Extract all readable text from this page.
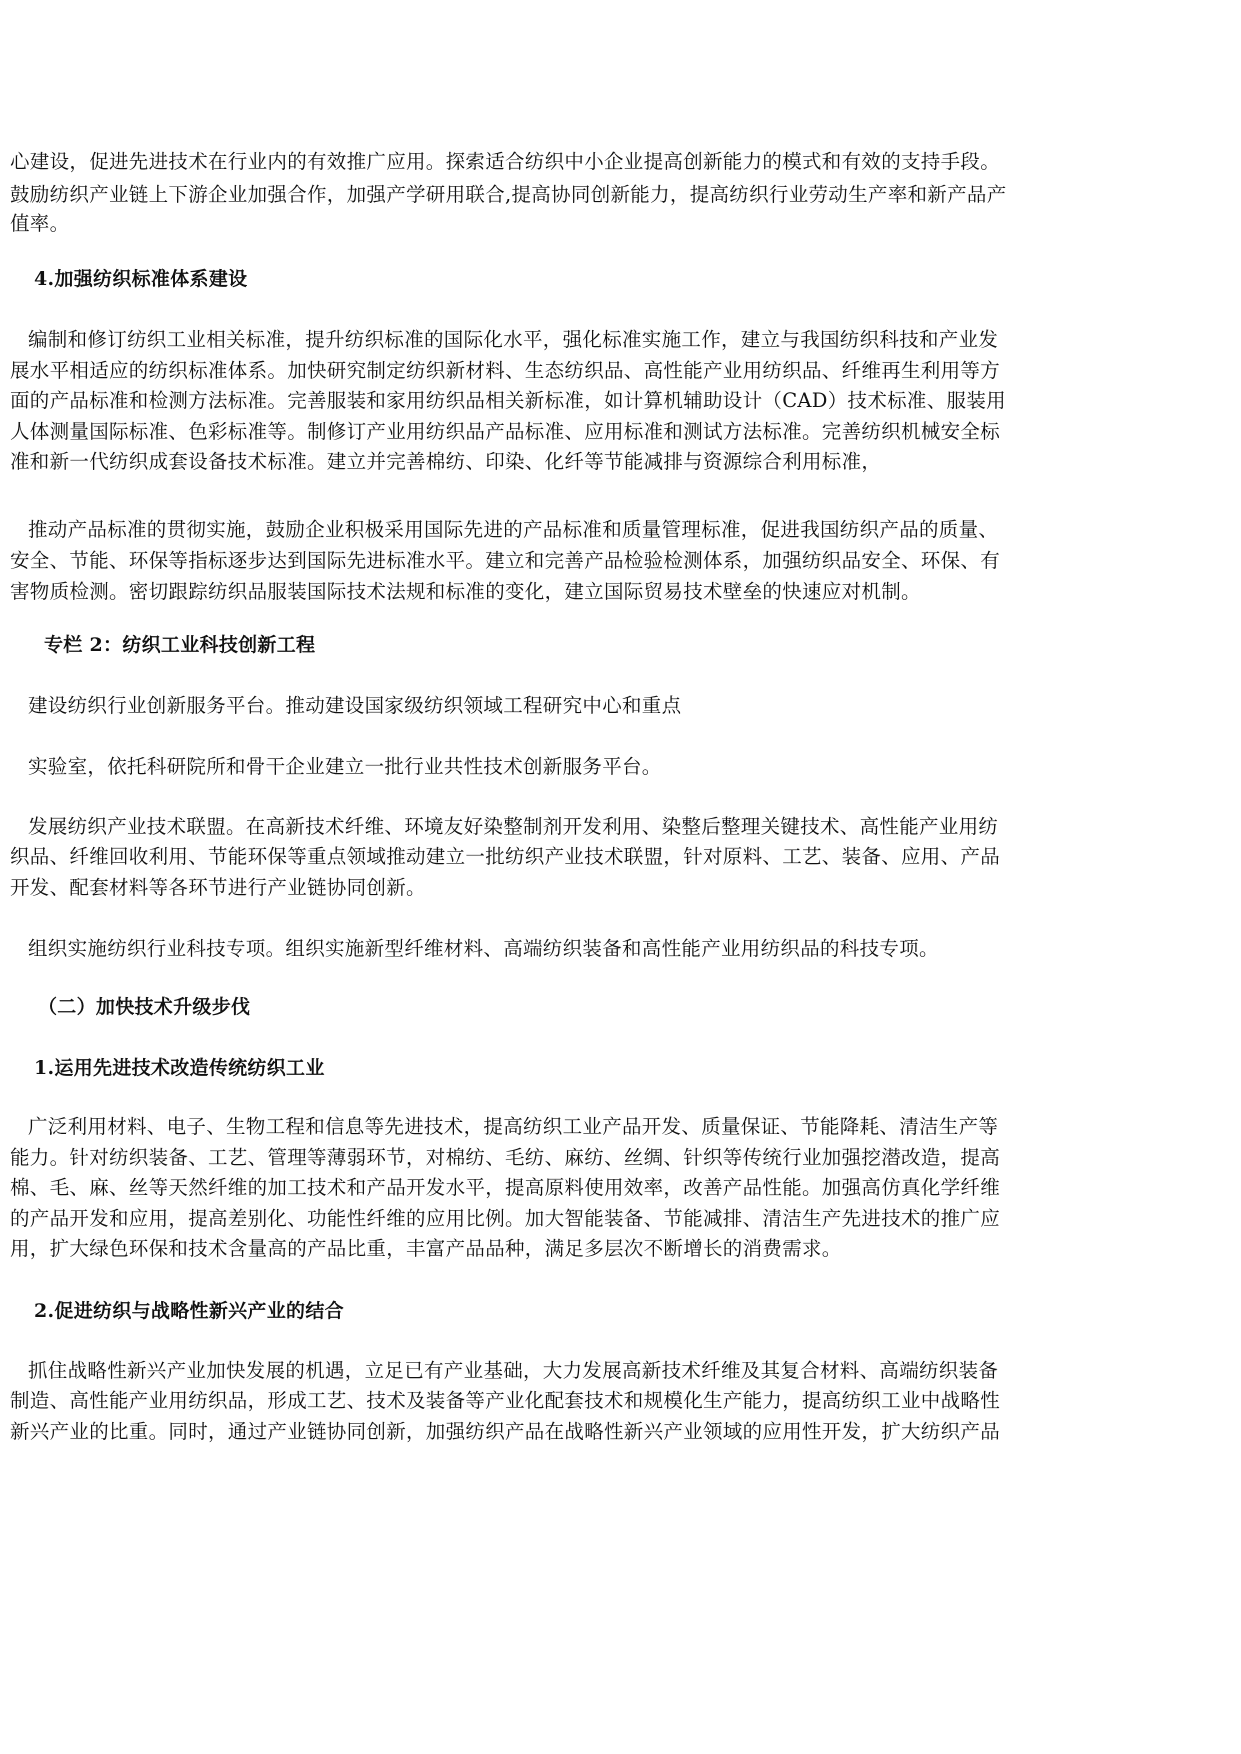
心建设，促进先进技术在行业内的有效推广应用。探索适合纺织中小企业提高创新能力的模式和有效的支持手段。
鼓励纺织产业链上下游企业加强合作，加强产学研用联合,提高协同创新能力，提高纺织行业劳动生产率和新产品产
值率。
4.加强纺织标准体系建设
编制和修订纺织工业相关标准，提升纺织标准的国际化水平，强化标准实施工作，建立与我国纺织科技和产业发
展水平相适应的纺织标准体系。加快研究制定纺织新材料、生态纺织品、高性能产业用纺织品、纤维再生利用等方
面的产品标准和检测方法标准。完善服装和家用纺织品相关新标准，如计算机辅助设计（CAD）技术标准、服装用
人体测量国际标准、色彩标准等。制修订产业用纺织品产品标准、应用标准和测试方法标准。完善纺织机械安全标
准和新一代纺织成套设备技术标准。建立并完善棉纺、印染、化纤等节能减排与资源综合利用标准，
推动产品标准的贯彻实施，鼓励企业积极采用国际先进的产品标准和质量管理标准，促进我国纺织产品的质量、
安全、节能、环保等指标逐步达到国际先进标准水平。建立和完善产品检验检测体系，加强纺织品安全、环保、有
害物质检测。密切跟踪纺织品服装国际技术法规和标准的变化，建立国际贸易技术壁垒的快速应对机制。
专栏 2：纺织工业科技创新工程
建设纺织行业创新服务平台。推动建设国家级纺织领域工程研究中心和重点
实验室，依托科研院所和骨干企业建立一批行业共性技术创新服务平台。
发展纺织产业技术联盟。在高新技术纤维、环境友好染整制剂开发利用、染整后整理关键技术、高性能产业用纺
织品、纤维回收利用、节能环保等重点领域推动建立一批纺织产业技术联盟，针对原料、工艺、装备、应用、产品
开发、配套材料等各环节进行产业链协同创新。
组织实施纺织行业科技专项。组织实施新型纤维材料、高端纺织装备和高性能产业用纺织品的科技专项。
（二）加快技术升级步伐
1.运用先进技术改造传统纺织工业
广泛利用材料、电子、生物工程和信息等先进技术，提高纺织工业产品开发、质量保证、节能降耗、清洁生产等
能力。针对纺织装备、工艺、管理等薄弱环节，对棉纺、毛纺、麻纺、丝绸、针织等传统行业加强挖潜改造，提高
棉、毛、麻、丝等天然纤维的加工技术和产品开发水平，提高原料使用效率，改善产品性能。加强高仿真化学纤维
的产品开发和应用，提高差别化、功能性纤维的应用比例。加大智能装备、节能减排、清洁生产先进技术的推广应
用，扩大绿色环保和技术含量高的产品比重，丰富产品品种，满足多层次不断增长的消费需求。
2.促进纺织与战略性新兴产业的结合
抓住战略性新兴产业加快发展的机遇，立足已有产业基础，大力发展高新技术纤维及其复合材料、高端纺织装备
制造、高性能产业用纺织品，形成工艺、技术及装备等产业化配套技术和规模化生产能力，提高纺织工业中战略性
新兴产业的比重。同时，通过产业链协同创新，加强纺织产品在战略性新兴产业领域的应用性开发，扩大纺织产品
